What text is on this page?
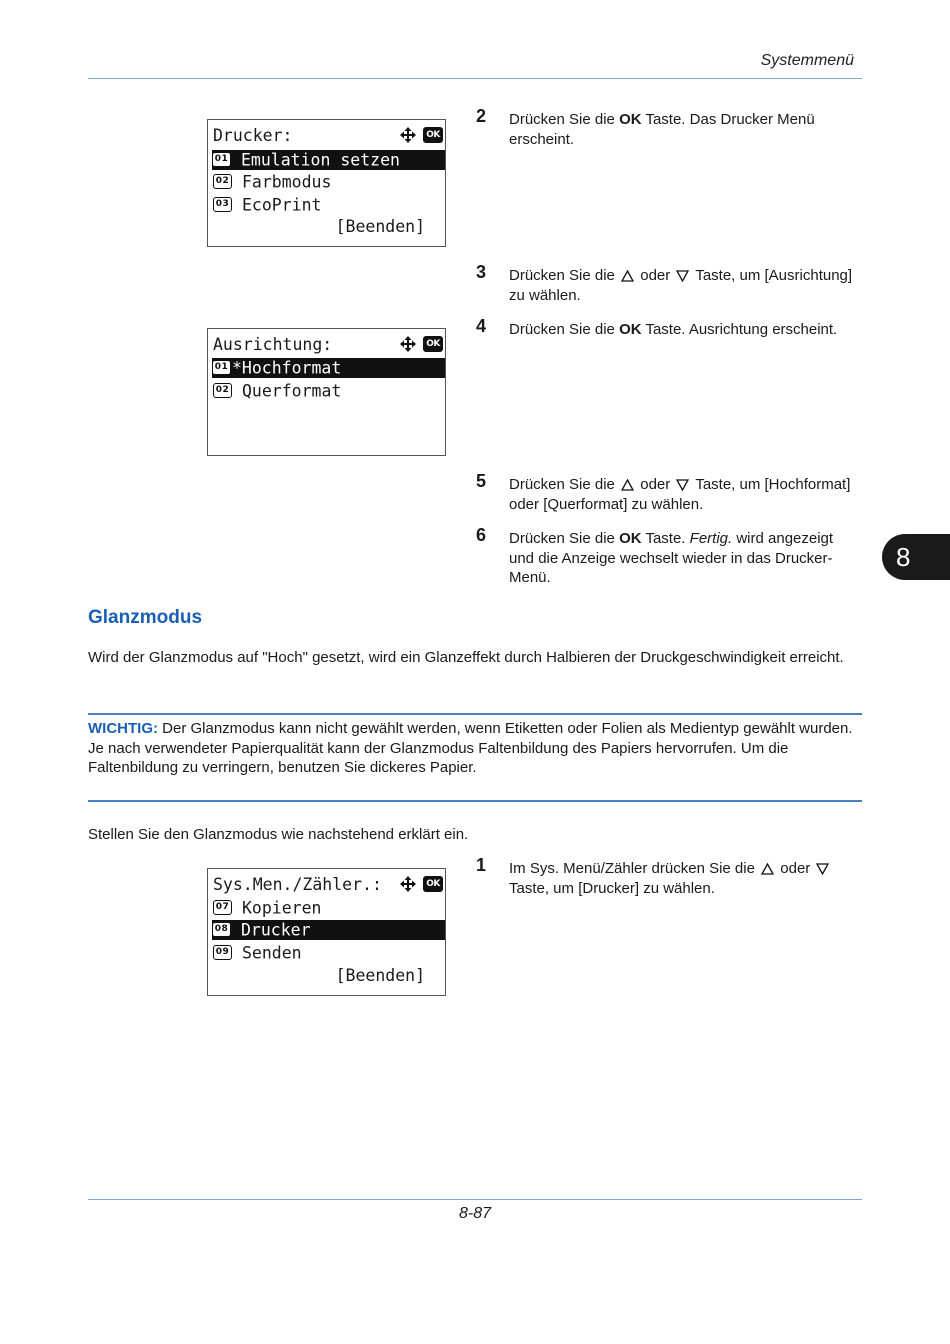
Systemmenü
8
Drucker:	OK
01 Emulation setzen
02 Farbmodus
03 EcoPrint
[Beenden]
Ausrichtung:	OK
01 *Hochformat
02 Querformat
2 Drücken Sie die OK Taste. Das Drucker Menü erscheint.
3 Drücken Sie die  oder  Taste, um [Ausrichtung] zu wählen.
4 Drücken Sie die OK Taste. Ausrichtung erscheint.
5 Drücken Sie die  oder  Taste, um [Hochformat] oder [Querformat] zu wählen.
6 Drücken Sie die OK Taste. Fertig. wird angezeigt und die Anzeige wechselt wieder in das Drucker-Menü.
Glanzmodus
Wird der Glanzmodus auf "Hoch" gesetzt, wird ein Glanzeffekt durch Halbieren der Druckgeschwindigkeit erreicht.
WICHTIG: Der Glanzmodus kann nicht gewählt werden, wenn Etiketten oder Folien als Medientyp gewählt wurden.
Je nach verwendeter Papierqualität kann der Glanzmodus Faltenbildung des Papiers hervorrufen. Um die Faltenbildung zu verringern, benutzen Sie dickeres Papier.
Stellen Sie den Glanzmodus wie nachstehend erklärt ein.
Sys.Men./Zähler.:	OK
07 Kopieren
08 Drucker
09 Senden
[Beenden]
1 Im Sys. Menü/Zähler drücken Sie die  oder  Taste, um [Drucker] zu wählen.
8-87
